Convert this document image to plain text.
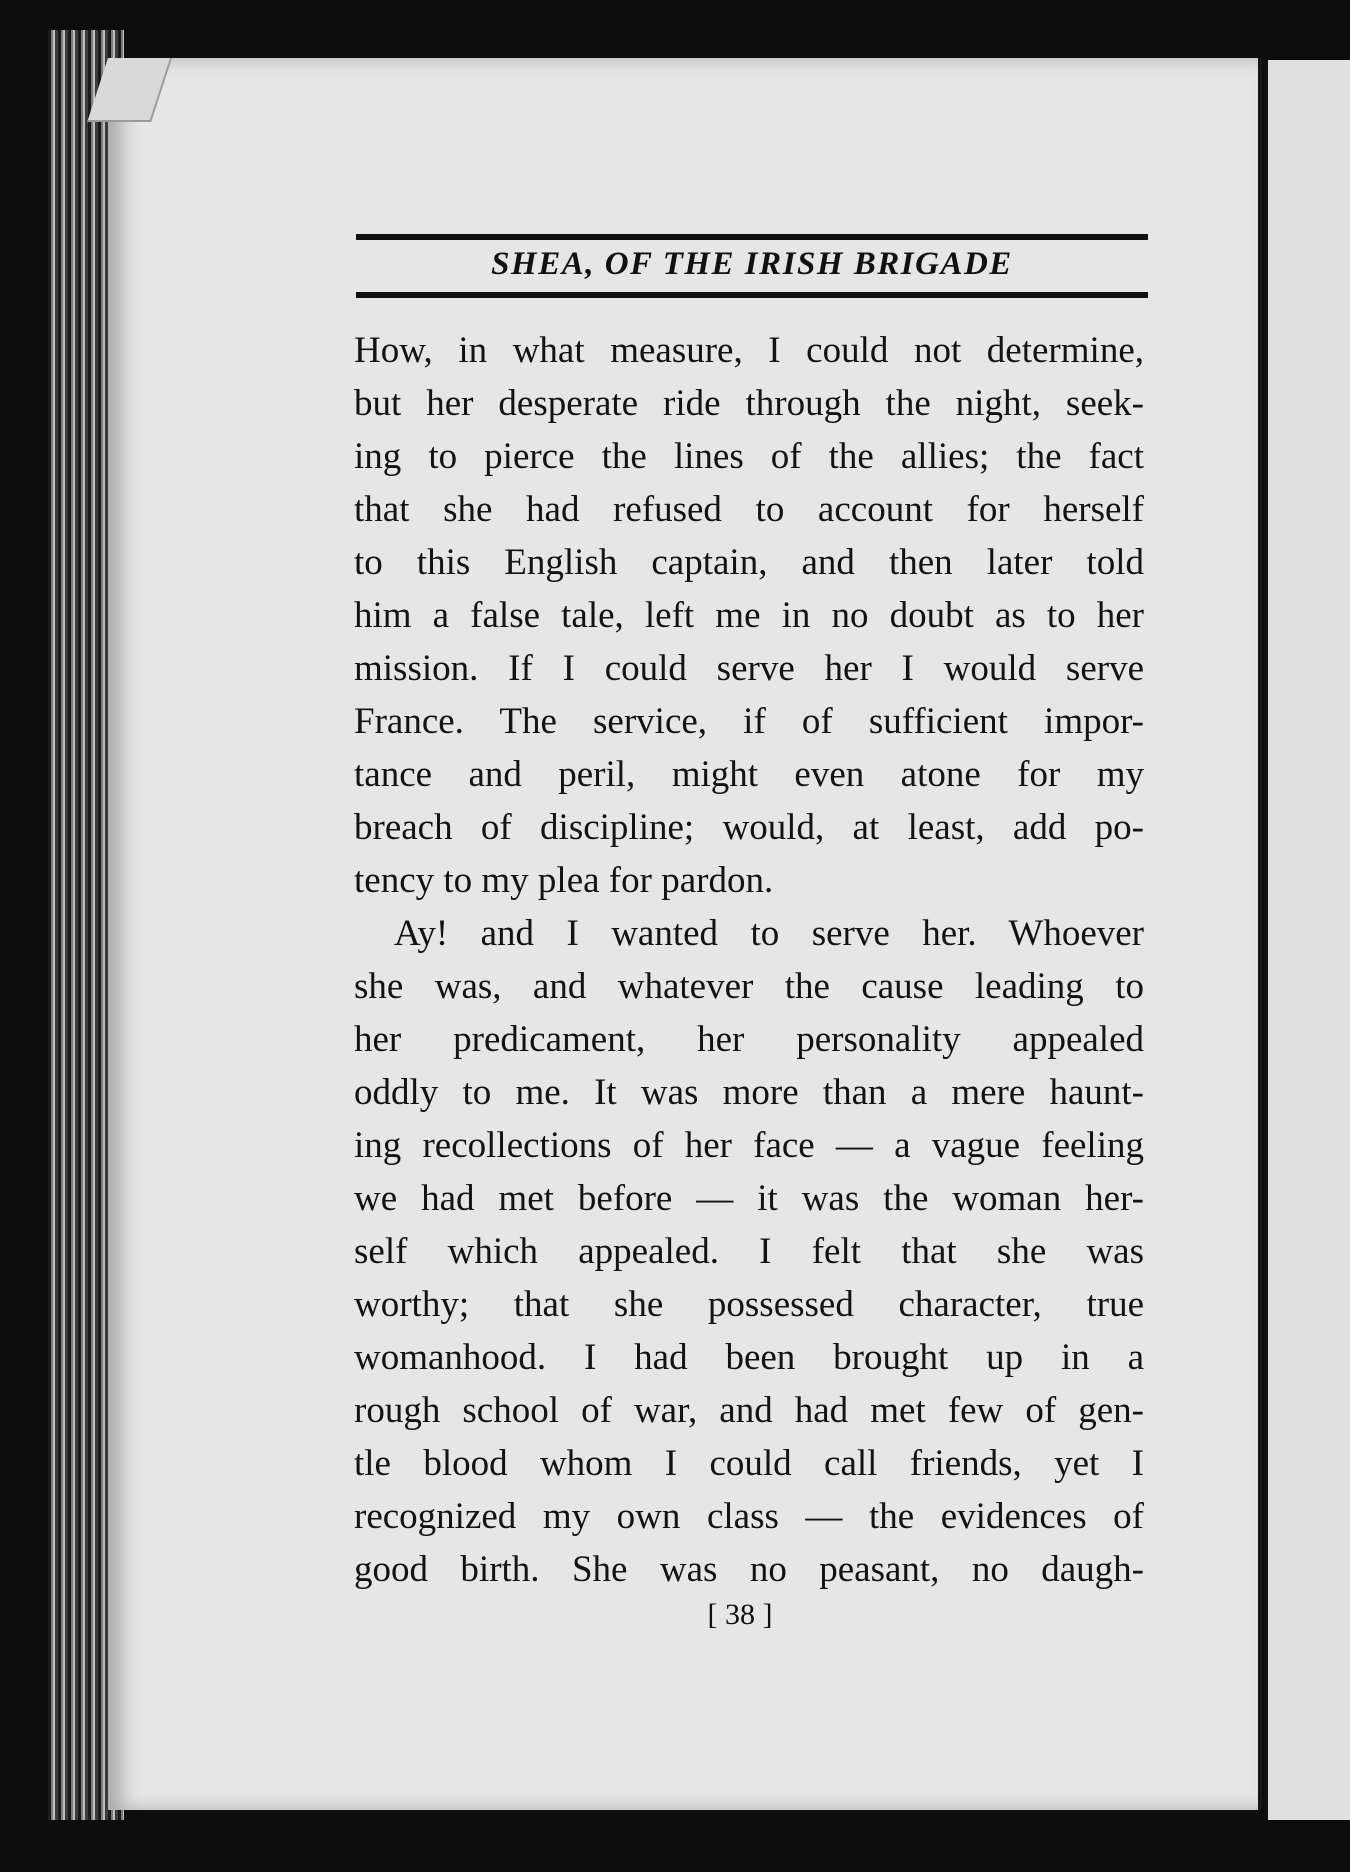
SHEA, OF THE IRISH BRIGADE
How, in what measure, I could not determine,
but her desperate ride through the night, seek-
ing to pierce the lines of the allies; the fact
that she had refused to account for herself
to this English captain, and then later told
him a false tale, left me in no doubt as to her
mission. If I could serve her I would serve
France. The service, if of sufficient impor-
tance and peril, might even atone for my
breach of discipline; would, at least, add po-
tency to my plea for pardon.
Ay! and I wanted to serve her. Whoever
she was, and whatever the cause leading to
her predicament, her personality appealed
oddly to me. It was more than a mere haunt-
ing recollections of her face — a vague feeling
we had met before — it was the woman her-
self which appealed. I felt that she was
worthy; that she possessed character, true
womanhood. I had been brought up in a
rough school of war, and had met few of gen-
tle blood whom I could call friends, yet I
recognized my own class — the evidences of
good birth. She was no peasant, no daugh-
[ 38 ]
